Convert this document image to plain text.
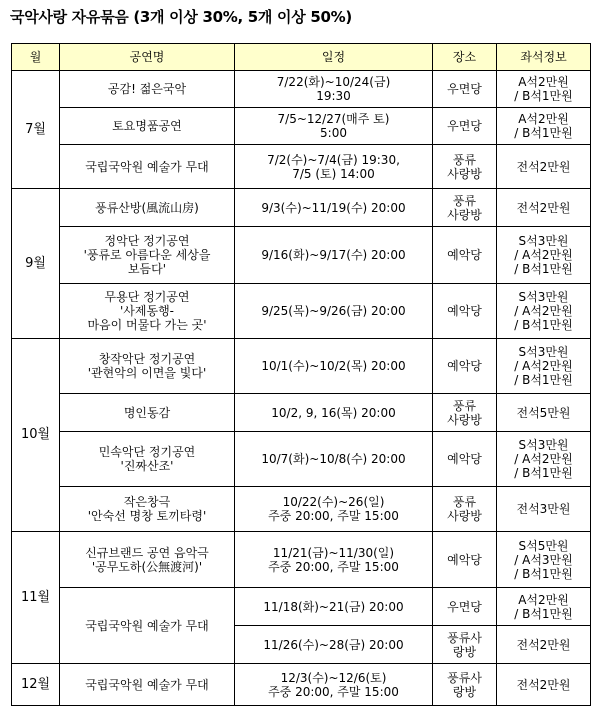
국악사랑 자유묶음 (3개 이상 30%, 5개 이상 50%)
월	공연명	일정	장소	좌석정보
7월	공감! 젊은국악	7/22(화)~10/24(금)
19:30	우면당	A석2만원
/ B석1만원

	토요명품공연	7/5~12/27(매주 토)
5:00	우면당	A석2만원
/ B석1만원

	국립국악원 예술가 무대	7/2(수)~7/4(금) 19:30,
7/5 (토) 14:00	풍류
사랑방	전석2만원

9월	풍류산방(風流山房)	9/3(수)~11/19(수) 20:00	풍류
사랑방	전석2만원

	정악단 정기공연
'풍류로 아름다운 세상을
보듬다'	9/16(화)~9/17(수) 20:00	예악당	S석3만원
/ A석2만원
/ B석1만원

	무용단 정기공연
'사제동행-
마음이 머물다 가는 곳'	9/25(목)~9/26(금) 20:00	예악당	S석3만원
/ A석2만원
/ B석1만원

10월	창작악단 정기공연
'관현악의 이면을 빛다'	10/1(수)~10/2(목) 20:00	예악당	S석3만원
/ A석2만원
/ B석1만원

	명인동감	10/2, 9, 16(목) 20:00	풍류
사랑방	전석5만원

	민속악단 정기공연
'진짜산조'	10/7(화)~10/8(수) 20:00	예악당	S석3만원
/ A석2만원
/ B석1만원

	작은창극
'안숙선 명창 토끼타령'	10/22(수)~26(일)
주중 20:00, 주말 15:00	풍류
사랑방	전석3만원

11월	신규브랜드 공연 음악극
'공무도하(公無渡河)'	11/21(금)~11/30(일)
주중 20:00, 주말 15:00	예악당	S석5만원
/ A석3만원
/ B석1만원

	국립국악원 예술가 무대	11/18(화)~21(금) 20:00	우면당	A석2만원
/ B석1만원

		11/26(수)~28(금) 20:00	풍류사
랑방	전석2만원

12월	국립국악원 예술가 무대	12/3(수)~12/6(토)
주중 20:00, 주말 15:00	풍류사
랑방	전석2만원
